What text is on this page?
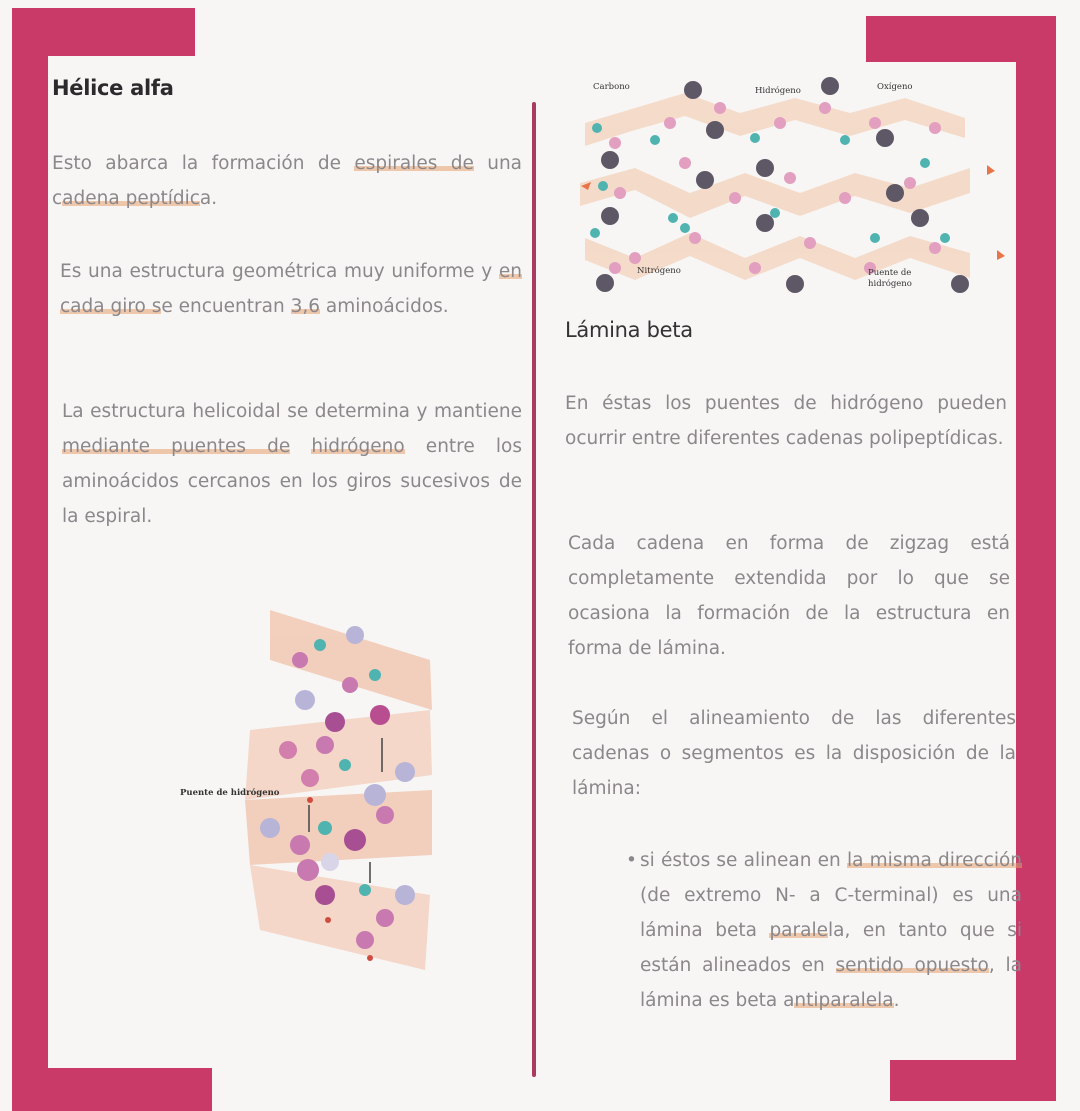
Hélice alfa
Esto abarca la formación de espirales de una cadena peptídica.
Es una estructura geométrica muy uniforme y en cada giro se encuentran 3,6 aminoácidos.
La estructura helicoidal se determina y mantiene mediante puentes de hidrógeno entre los aminoácidos cercanos en los giros sucesivos de la espiral.
Puente de hidrógeno
Carbono	Hidrógeno	Oxígeno
Nitrógeno	Puente de
hidrógeno
Lámina beta
En éstas los puentes de hidrógeno pueden ocurrir entre diferentes cadenas polipeptídicas.
Cada cadena en forma de zigzag está completamente extendida por lo que se ocasiona la formación de la estructura en forma de lámina.
Según el alineamiento de las diferentes cadenas o segmentos es la disposición de la lámina:
• si éstos se alinean en la misma dirección (de extremo N- a C-terminal) es una lámina beta paralela, en tanto que si están alineados en sentido opuesto, la lámina es beta antiparalela.
